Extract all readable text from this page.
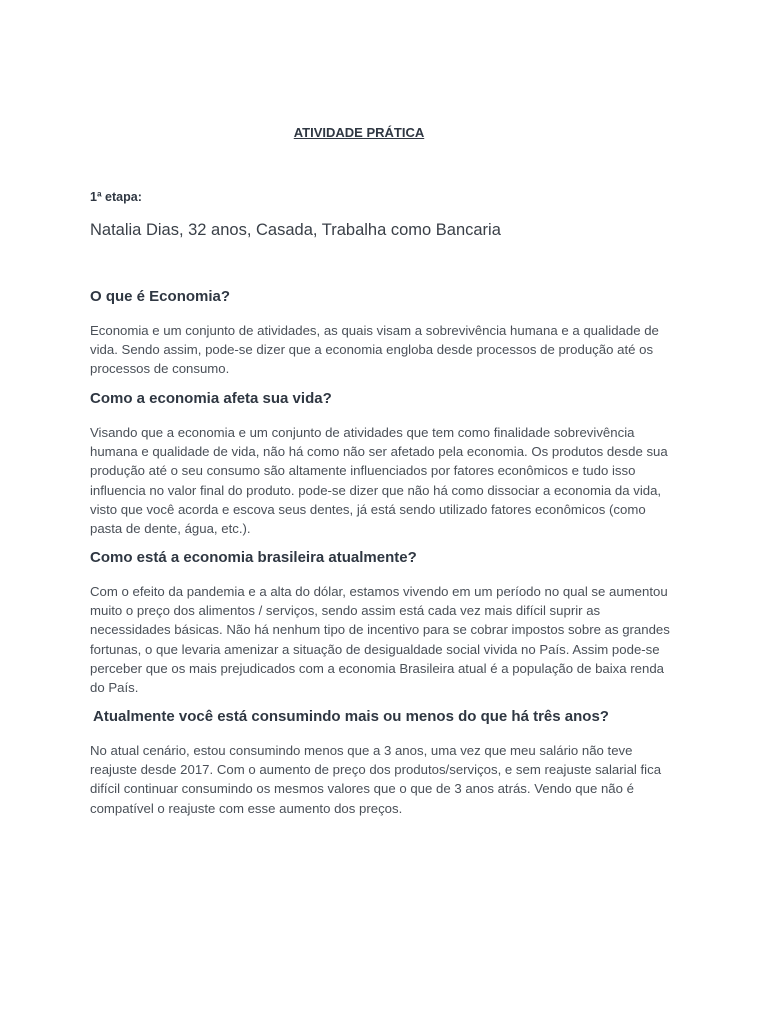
ATIVIDADE PRÁTICA
1ª etapa:
Natalia Dias, 32 anos, Casada, Trabalha como Bancaria
O que é Economia?
Economia e um conjunto de atividades, as quais visam a sobrevivência humana e a qualidade de vida. Sendo assim, pode-se dizer que a economia engloba desde processos de produção até os processos de consumo.
Como a economia afeta sua vida?
Visando que a economia e um conjunto de atividades que tem como finalidade sobrevivência humana e qualidade de vida, não há como não ser afetado pela economia. Os produtos desde sua produção até o seu consumo são altamente influenciados por fatores econômicos e tudo isso influencia no valor final do produto. pode-se dizer que não há como dissociar a economia da vida, visto que você acorda e escova seus dentes, já está sendo utilizado fatores econômicos (como pasta de dente, água, etc.).
Como está a economia brasileira atualmente?
Com o efeito da pandemia e a alta do dólar, estamos vivendo em um período no qual se aumentou muito o preço dos alimentos / serviços, sendo assim está cada vez mais difícil suprir as necessidades básicas. Não há nenhum tipo de incentivo para se cobrar impostos sobre as grandes fortunas, o que levaria amenizar a situação de desigualdade social vivida no País. Assim pode-se perceber que os mais prejudicados com a economia Brasileira atual é a população de baixa renda do País.
Atualmente você está consumindo mais ou menos do que há três anos?
No atual cenário, estou consumindo menos que a 3 anos, uma vez que meu salário não teve reajuste desde 2017. Com o aumento de preço dos produtos/serviços, e sem reajuste salarial fica difícil continuar consumindo os mesmos valores que o que de 3 anos atrás. Vendo que não é compatível o reajuste com esse aumento dos preços.
